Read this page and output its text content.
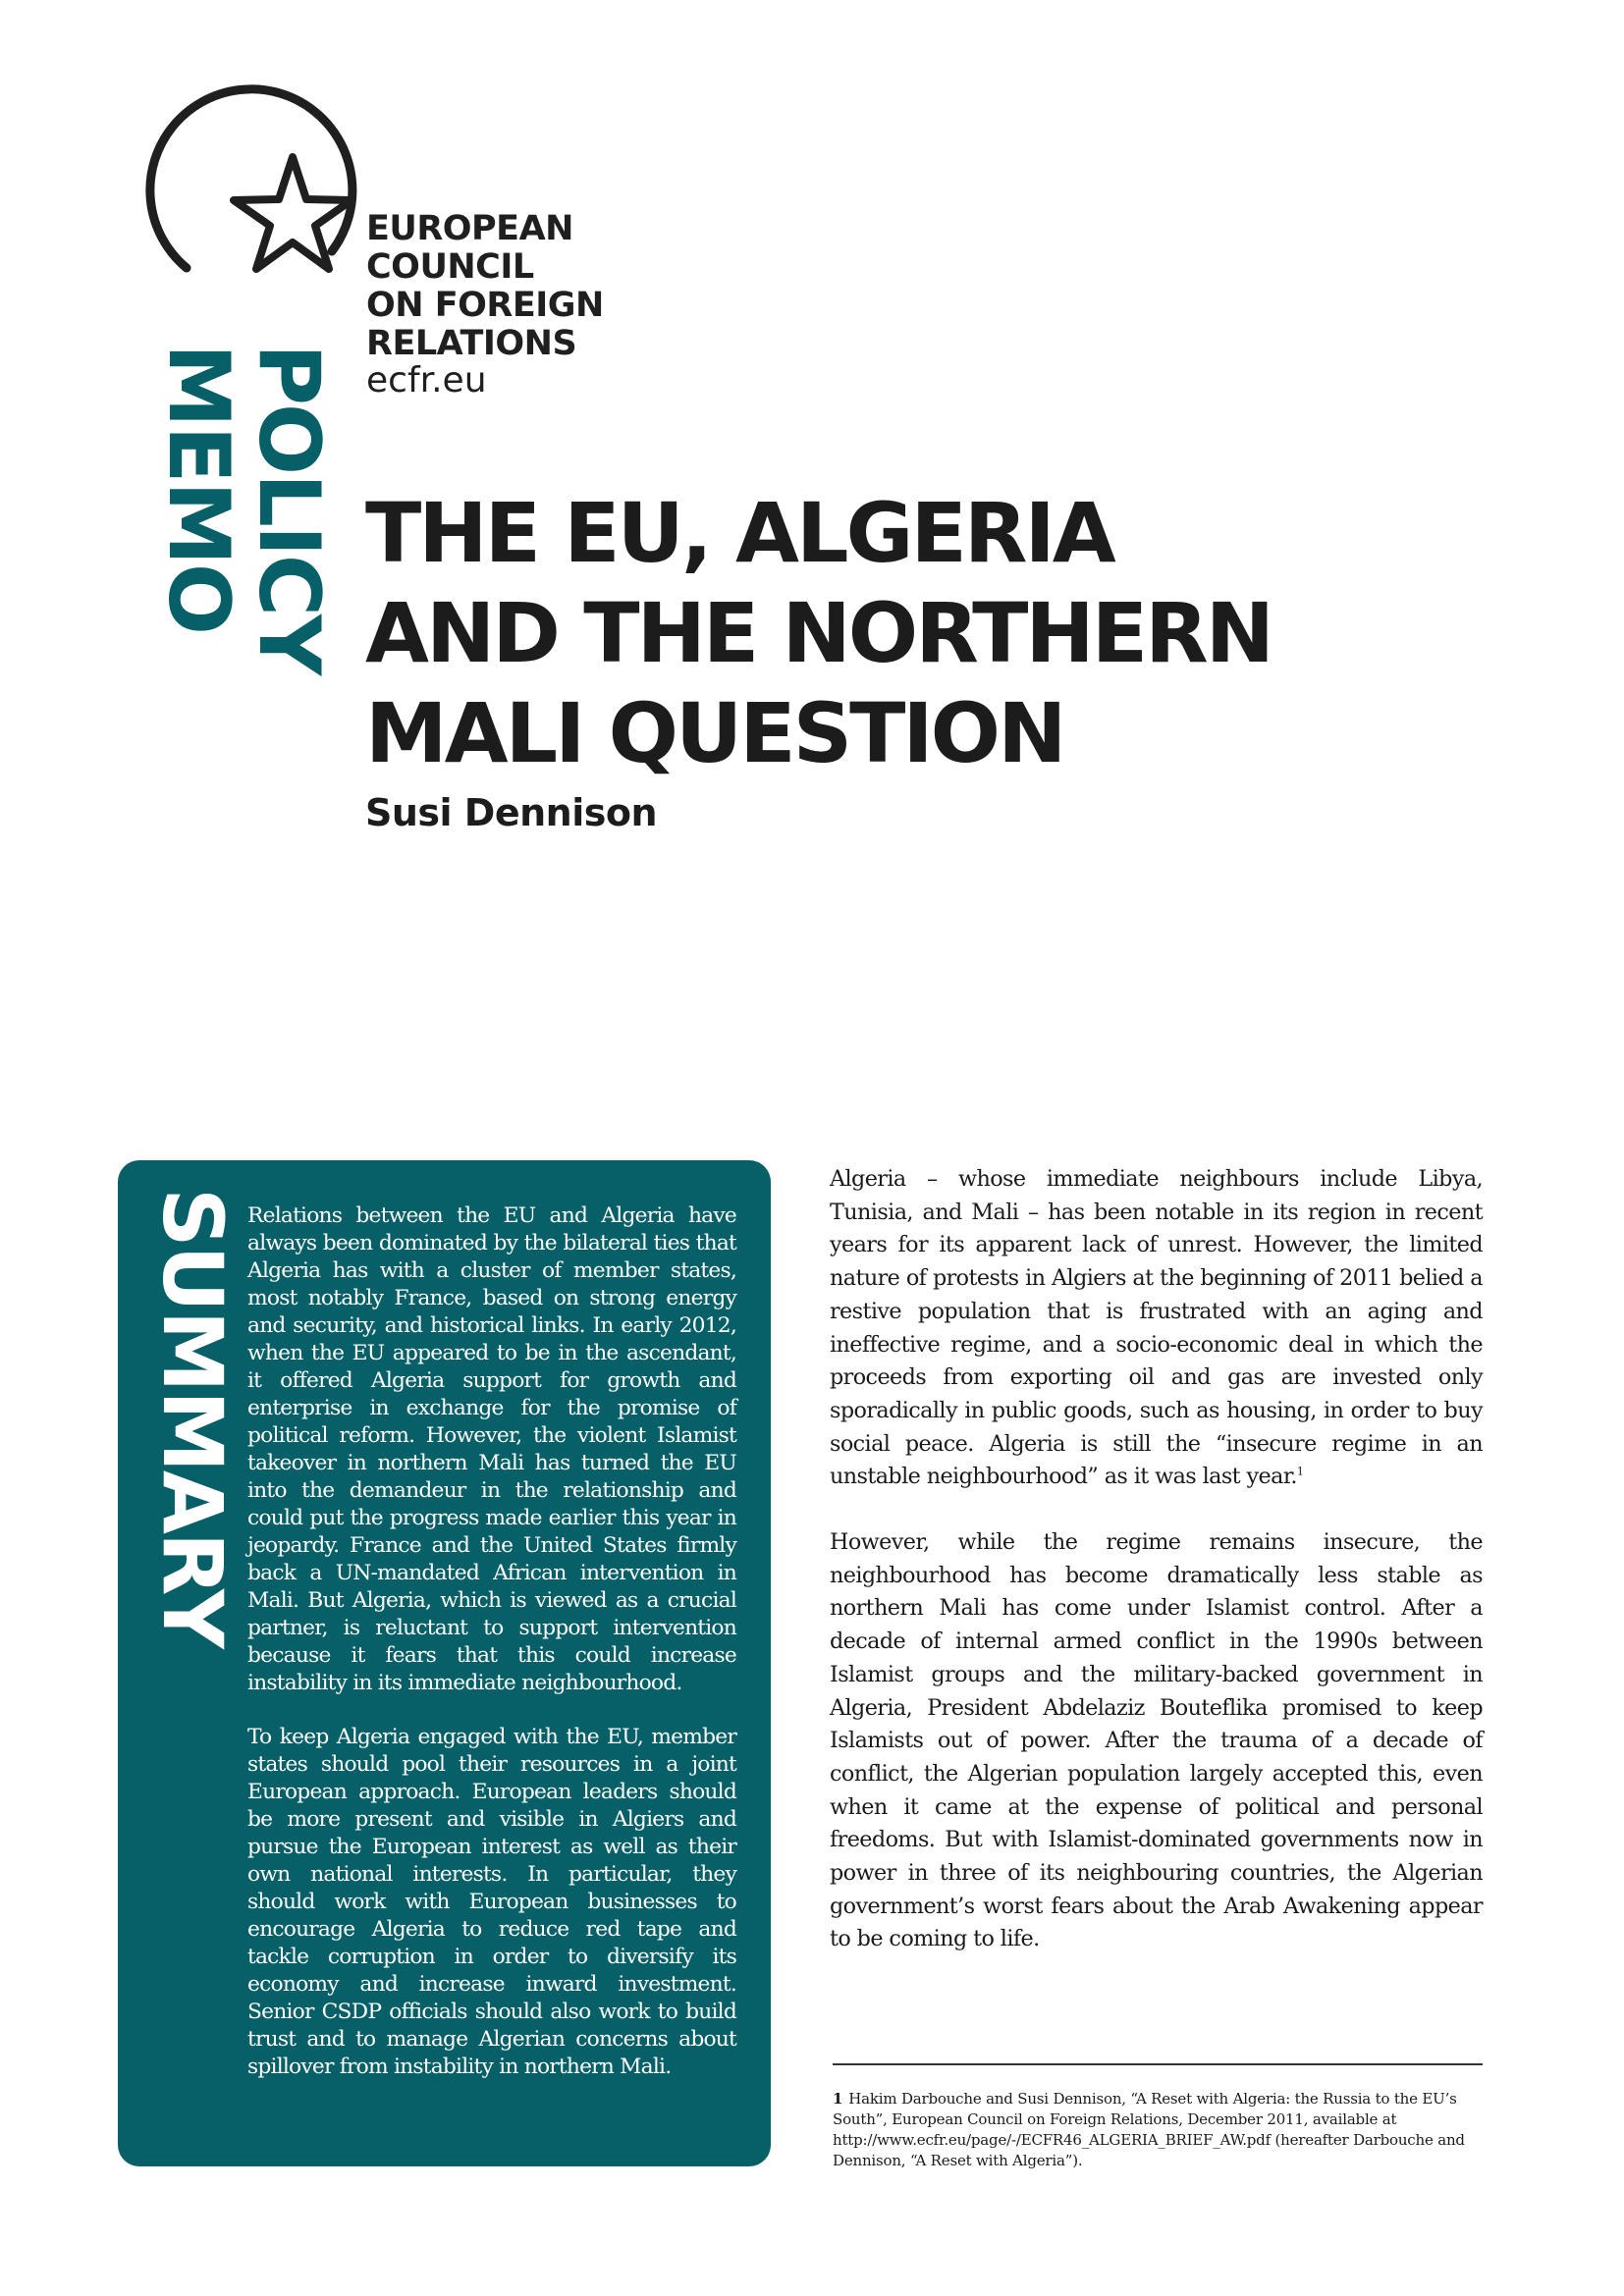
EUROPEAN
COUNCIL
ON FOREIGN
RELATIONS
ecfr.eu
POLICY
MEMO THE EU, ALGERIA
AND THE NORTHERN
MALI QUESTION
Susi Dennison
SUMMARY Relations between the EU and Algeria have always been dominated by the bilateral ties that Algeria has with a cluster of member states, most notably France, based on strong energy and security, and historical links. In early 2012, when the EU appeared to be in the ascendant, it offered Algeria support for growth and enterprise in exchange for the promise of political reform. However, the violent Islamist takeover in northern Mali has turned the EU into the demandeur in the relationship and could put the progress made earlier this year in jeopardy. France and the United States firmly back a UN-mandated African intervention in Mali. But Algeria, which is viewed as a crucial partner, is reluctant to support intervention because it fears that this could increase instability in its immediate neighbourhood.

To keep Algeria engaged with the EU, member states should pool their resources in a joint European approach. European leaders should be more present and visible in Algiers and pursue the European interest as well as their own national interests. In particular, they should work with European businesses to encourage Algeria to reduce red tape and tackle corruption in order to diversify its economy and increase inward investment. Senior CSDP officials should also work to build trust and to manage Algerian concerns about spillover from instability in northern Mali.

Algeria – whose immediate neighbours include Libya, Tunisia, and Mali – has been notable in its region in recent years for its apparent lack of unrest. However, the limited nature of protests in Algiers at the beginning of 2011 belied a restive population that is frustrated with an aging and ineffective regime, and a socio-economic deal in which the proceeds from exporting oil and gas are invested only sporadically in public goods, such as housing, in order to buy social peace. Algeria is still the “insecure regime in an unstable neighbourhood” as it was last year.$^1$

However, while the regime remains insecure, the neighbourhood has become dramatically less stable as northern Mali has come under Islamist control. After a decade of internal armed conflict in the 1990s between Islamist groups and the military-backed government in Algeria, President Abdelaziz Bouteflika promised to keep Islamists out of power. After the trauma of a decade of conflict, the Algerian population largely accepted this, even when it came at the expense of political and personal freedoms. But with Islamist-dominated governments now in power in three of its neighbouring countries, the Algerian government’s worst fears about the Arab Awakening appear to be coming to life.

1 Hakim Darbouche and Susi Dennison, “A Reset with Algeria: the Russia to the EU’s South”, European Council on Foreign Relations, December 2011, available at http://www.ecfr.eu/page/-/ECFR46_ALGERIA_BRIEF_AW.pdf (hereafter Darbouche and Dennison, “A Reset with Algeria”).
